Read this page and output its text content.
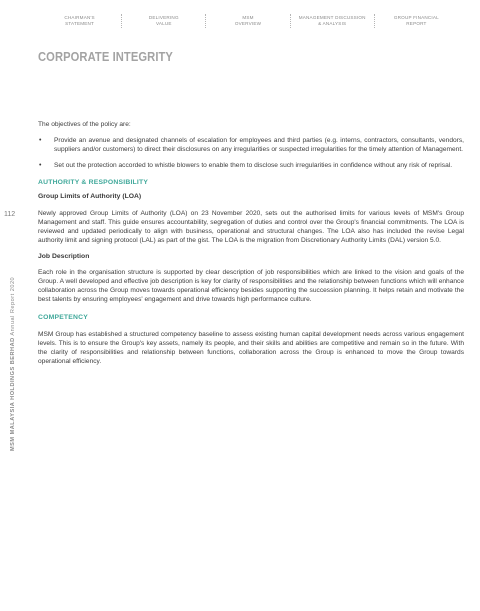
CHAIRMAN'S
STATEMENT
DELIVERING
VALUE
MSM
OVERVIEW
MANAGEMENT DISCUSSION
& ANALYSIS
GROUP FINANCIAL
REPORT
CORPORATE INTEGRITY
112
MSM MALAYSIA HOLDINGS BERHAD Annual Report 2020

The objectives of the policy are:

• Provide an avenue and designated channels of escalation for employees and third parties (e.g. interns, contractors, consultants, vendors, suppliers and/or customers) to direct their disclosures on any irregularities or suspected irregularities for the timely attention of Management.
• Set out the protection accorded to whistle blowers to enable them to disclose such irregularities in confidence without any risk of reprisal.
AUTHORITY & RESPONSIBILITY
Group Limits of Authority (LOA)

Newly approved Group Limits of Authority (LOA) on 23 November 2020, sets out the authorised limits for various levels of MSM's Group Management and staff. This guide ensures accountability, segregation of duties and control over the Group's financial commitments. The LOA is reviewed and updated periodically to align with business, operational and structural changes. The LOA also has included the revise Legal authority limit and signing protocol (LAL) as part of the gist. The LOA is the migration from Discretionary Authority Limits (DAL) version 5.0.

Job Description

Each role in the organisation structure is supported by clear description of job responsibilities which are linked to the vision and goals of the Group. A well developed and effective job description is key for clarity of responsibilities and the relationship between functions which will enhance collaboration across the Group moves towards operational efficiency besides supporting the succession planning. It helps retain and motivate the best talents by ensuring employees' engagement and drive towards high performance culture.

COMPETENCY

MSM Group has established a structured competency baseline to assess existing human capital development needs across various engagement levels. This is to ensure the Group's key assets, namely its people, and their skills and abilities are competitive and remain so in the future. With the clarity of responsibilities and relationship between functions, collaboration across the Group is enhanced to move the Group towards operational efficiency.
